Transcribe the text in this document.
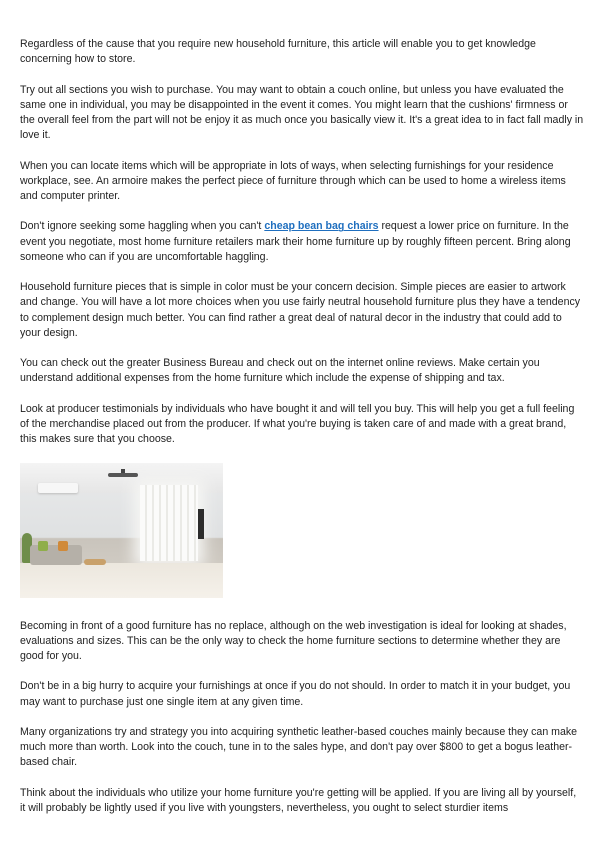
Regardless of the cause that you require new household furniture, this article will enable you to get knowledge concerning how to store.

Try out all sections you wish to purchase. You may want to obtain a couch online, but unless you have evaluated the same one in individual, you may be disappointed in the event it comes. You might learn that the cushions' firmness or the overall feel from the part will not be enjoy it as much once you basically view it. It's a great idea to in fact fall madly in love it.

When you can locate items which will be appropriate in lots of ways, when selecting furnishings for your residence workplace, see. An armoire makes the perfect piece of furniture through which can be used to home a wireless items and computer printer.

Don't ignore seeking some haggling when you can't cheap bean bag chairs request a lower price on furniture. In the event you negotiate, most home furniture retailers mark their home furniture up by roughly fifteen percent. Bring along someone who can if you are uncomfortable haggling.

Household furniture pieces that is simple in color must be your concern decision. Simple pieces are easier to artwork and change. You will have a lot more choices when you use fairly neutral household furniture plus they have a tendency to complement design much better. You can find rather a great deal of natural decor in the industry that could add to your design.

You can check out the greater Business Bureau and check out on the internet online reviews. Make certain you understand additional expenses from the home furniture which include the expense of shipping and tax.

Look at producer testimonials by individuals who have bought it and will tell you buy. This will help you get a full feeling of the merchandise placed out from the producer. If what you're buying is taken care of and made with a great brand, this makes sure that you choose.

Becoming in front of a good furniture has no replace, although on the web investigation is ideal for looking at shades, evaluations and sizes. This can be the only way to check the home furniture sections to determine whether they are good for you.

Don't be in a big hurry to acquire your furnishings at once if you do not should. In order to match it in your budget, you may want to purchase just one single item at any given time.

Many organizations try and strategy you into acquiring synthetic leather-based couches mainly because they can make much more than worth. Look into the couch, tune in to the sales hype, and don't pay over $800 to get a bogus leather-based chair.

Think about the individuals who utilize your home furniture you're getting will be applied. If you are living all by yourself, it will probably be lightly used if you live with youngsters, nevertheless, you ought to select sturdier items
